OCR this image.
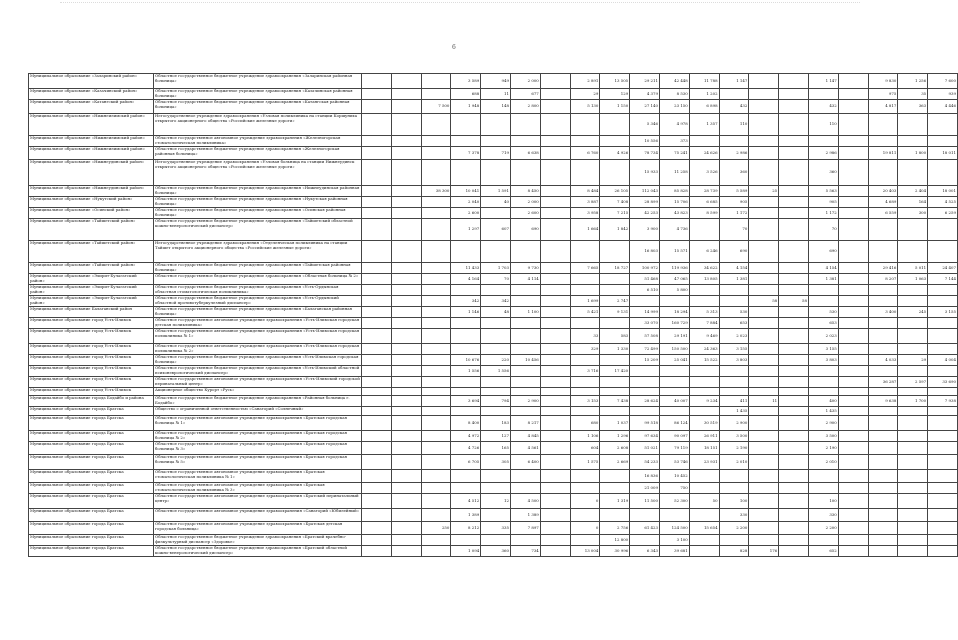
6
Муниципальное образование «Заларинский район»	Областное государственное бюджетное учреждение здравоохранения «Заларинская районная больница»				3 589	949	2 000		2 891	13 505	29 211	42 448	11 788	1 147			1 147		9 830	1 256	7 600
Муниципальное образование «Казачинский район»	Областное государственное бюджетное учреждение здравоохранения «Казачинская районная больница»				688	11	677		29	129	4 379	8 530	1 202						975	35	939
Муниципальное образование «Катангский район»	Областное государственное бюджетное учреждение здравоохранения «Катангская районная больница»			7 500	1 948	148	2 800		5 130	1 150	27 140	23 150	6 898	432			432		4 817	363	4 446
Муниципальное образование «Нижнеилимский район»	Негосударственное учреждение здравоохранения «Узловая поликлиника на станции Коршуниха открытого акционерного общества «Российские железные дороги»										5 346	4 978	1 357	110			110				
Муниципальное образование «Нижнеилимский район»	Областное государственное автономное учреждение здравоохранения «Железногорская стоматологическая поликлиника»										10 556	373									
Муниципальное образование «Нижнеилимский район»	Областное государственное бюджетное учреждение здравоохранения «Железногорская районная больница»				7 378	719	6 638		6 760	4 926	78 734	75 241	24 626	2 986			2 986		19 811	1 800	18 011
Муниципальное образование «Нижнеудинский район»	Негосударственное учреждение здравоохранения «Узловая больница на станции Нижнеудинск открытого акционерного общества «Российские железные дороги»										15 933	11 258	3 526	360			360				
Муниципальное образование «Нижнеудинский район»	Областное государственное бюджетное учреждение здравоохранения «Нижнеудинская районная больница»			38 300	10 041	1 591	8 450		8 484	26 105	112 043	85 828	28 739	5 589	25		5 563		20 403	2 404	18 001
Муниципальное образование «Нукутский район»	Областное государственное бюджетное учреждение здравоохранения «Нукутская районная больница»				2 040	40	2 000		3 887	7 408	28 899	15 706	6 685	905			905		4 689	164	4 525
Муниципальное образование «Осинский район»	Областное государственное бюджетное учреждение здравоохранения «Осинская районная больница»				2 600		2 600		3 958	7 215	42 253	43 823	8 599	1 172			1 172		6 559	300	6 259
Муниципальное образование «Тайшетский район»	Областное государственное бюджетное учреждение здравоохранения «Тайшетский областной кожно-венерологический диспансер»				1 297	607	690		1 664	1 842	3 900	4 736		70			70				
Муниципальное образование «Тайшетский район»	Негосударственное учреждение здравоохранения «Отделенческая поликлиника на станции Тайшет открытого акционерного общества «Российские железные дороги»										16 803	15 571	6 246	690			690				
Муниципальное образование «Тайшетский район»	Областное государственное бюджетное учреждение здравоохранения «Тайшетская районная больница»				11 433	1 703	9 730		7 665	18 727	100 972	119 936	34 622	4 154			4 154		29 416	5 011	24 407
Муниципальное образование «Эхирит-Булагатский район»	Областное государственное бюджетное учреждение здравоохранения «Областная больница № 2»				4 164	70	4 114				51 468	47 065	13 805	1 381			1 381		8 207	1 063	7 144
Муниципальное образование «Эхирит-Булагатский район»	Областное государственное бюджетное учреждение здравоохранения «Усть-Ордынская областная стоматологическая поликлиника»										6 510	5 800									
Муниципальное образование «Эхирит-Булагатский район»	Областное государственное бюджетное учреждение здравоохранения «Усть-Ордынский областной противотуберкулезный диспансер»				342	342			1 699	2 747					58	58					
Муниципальное образование Балаганский район	Областное государственное бюджетное учреждение здравоохранения «Балаганская районная больница»				1 146	48	1 100		5 421	9 131	14 999	18 294	5 313	530			530		3 400	245	3 155
Муниципальное образование город Усть-Илимск	Областное государственное автономное учреждение здравоохранения «Усть-Илимская городская детская поликлиника»										33 070	160 729	7 884	653			653				
Муниципальное образование город Усть-Илимск	Областное государственное автономное учреждение здравоохранения «Усть-Илимская городская поликлиника № 1»								33	583	57 508	29 191	9 469	2 023			2 023				
Муниципальное образование город Усть-Илимск	Областное государственное автономное учреждение здравоохранения «Усть-Илимская городская поликлиника № 2»								329	1 330	72 499	150 500	24 363	3 155			3 155				
Муниципальное образование город Усть-Илимск	Областное государственное бюджетное учреждение здравоохранения «Усть-Илимская городская больница»				10 676	220	10 456				15 209	25 041	15 522	3 803			3 803		4 033	29	4 004
Муниципальное образование город Усть-Илимск	Областное государственное бюджетное учреждение здравоохранения «Усть-Илимский областной психоневрологический диспансер»				1 556	1 556			3 716	17 420											
Муниципальное образование город Усть-Илимск	Областное государственное автономное учреждение здравоохранения «Усть-Илимский городской перинатальный центр»																		36 287	2 597	33 690
Муниципальное образование город Усть-Илимск	Акционерное общество Курорт «Русь»																				
Муниципальное образование города Бодайбо и района	Областное государственное бюджетное учреждение здравоохранения «Районная больница г. Бодайбо»				3 694	794	2 900		3 153	7 438	28 624	40 007	9 234	411	11		400		9 638	1 700	7 938
Муниципальное образование города Братска	Общество с ограниченной ответственностью «Санаторий «Солнечный»													1 435			1 435				
Муниципальное образование города Братска	Областное государственное автономное учреждение здравоохранения «Братская городская больница № 1»				8 400	183	8 217		680	1 037	99 518	86 124	30 519	2 900			2 900				
Муниципальное образование города Братска	Областное государственное автономное учреждение здравоохранения «Братская городская больница № 2»				4 972	127	4 845		1 106	1 296	97 634	90 097	26 911	3 500			3 500				
Муниципальное образование города Братска	Областное государственное автономное учреждение здравоохранения «Братская городская больница № 3»				4 726	165	4 561		604	2 608	51 021	79 119	18 151	2 190			2 190				
Муниципальное образование города Братска	Областное государственное автономное учреждение здравоохранения «Братская городская больница № 5»				6 705	305	6 400		1 575	2 669	54 233	53 746	23 931	2 010			2 010				
Муниципальное образование города Братска	Областное государственное автономное учреждение здравоохранения «Братская стоматологическая поликлиника № 1»										16 836	10 452									
Муниципальное образование города Братска	Областное государственное автономное учреждение здравоохранения «Братская стоматологическая поликлиника № 3»										21 009	750									
Муниципальное образование города Братска	Областное государственное автономное учреждение здравоохранения «Братский перинатальный центр»				4 512	12	4 500		0	1 319	11 500	52 300	50	100			100				
Муниципальное образование города Братска	Областное государственное автономное учреждение здравоохранения «Санаторий «Юбилейный»				1 389		1 389							330			330				
Муниципальное образование города Братска	Областное государственное автономное учреждение здравоохранения «Братская детская городская больница»			250	8 212	335	7 897		0	2 756	61 423	124 500	15 654	2 200			2 200				
Муниципальное образование города Братска	Областное государственное бюджетное учреждение здравоохранения «Братский врачебно-физкультурный диспансер «Здоровье»									12 800		3 100									
Муниципальное образование города Братска	Областное государственное бюджетное учреждение здравоохранения «Братский областной кожно-венерологический диспансер»				1 094	360	734		13 004	30 996	6 343	39 681		828	176		652				
